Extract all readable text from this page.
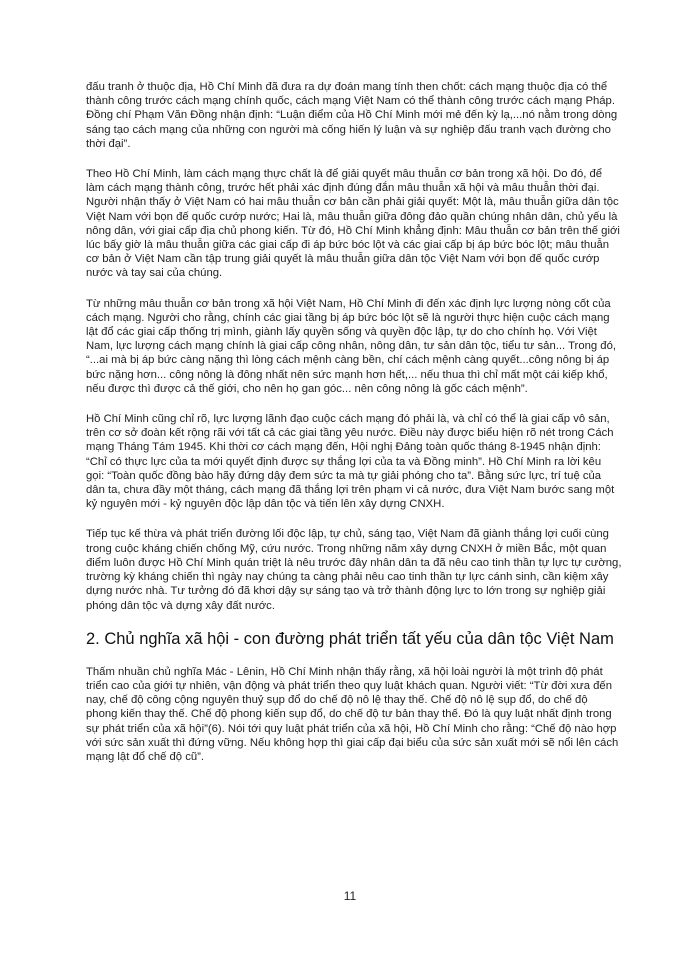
đấu tranh ở thuộc địa, Hồ Chí Minh đã đưa ra dự đoán mang tính then chốt: cách mạng thuộc địa có thể thành công trước cách mạng chính quốc, cách mạng Việt Nam có thể thành công trước cách mạng Pháp. Đồng chí Phạm Văn Đồng nhận định: “Luận điểm của Hồ Chí Minh mới mẻ đến kỳ lạ,...nó nằm trong dòng sáng tạo cách mạng của những con người mà cống hiến lý luận và sự nghiệp đấu tranh vạch đường cho thời đại”.

Theo Hồ Chí Minh, làm cách mạng thực chất là để giải quyết mâu thuẫn cơ bản trong xã hội. Do đó, để làm cách mạng thành công, trước hết phải xác định đúng đắn mâu thuẫn xã hội và mâu thuẫn thời đại. Người nhận thấy ở Việt Nam có hai mâu thuẫn cơ bản cần phải giải quyết: Một là, mâu thuẫn giữa dân tộc Việt Nam với bọn đế quốc cướp nước; Hai là, mâu thuẫn giữa đông đảo quần chúng nhân dân, chủ yếu là nông dân, với giai cấp địa chủ phong kiến. Từ đó, Hồ Chí Minh khẳng định: Mâu thuẫn cơ bản trên thế giới lúc bấy giờ là mâu thuẫn giữa các giai cấp đi áp bức bóc lột và các giai cấp bị áp bức bóc lột; mâu thuẫn cơ bản ở Việt Nam cần tập trung giải quyết là mâu thuẫn giữa dân tộc Việt Nam với bọn đế quốc cướp nước và tay sai của chúng.

Từ những mâu thuẫn cơ bản trong xã hội Việt Nam, Hồ Chí Minh đi đến xác định lực lượng nòng cốt của cách mạng. Người cho rằng, chính các giai tầng bị áp bức bóc lột sẽ là người thực hiện cuộc cách mạng lật đổ các giai cấp thống trị mình, giành lấy quyền sống và quyền độc lập, tự do cho chính họ. Với Việt Nam, lực lượng cách mạng chính là giai cấp công nhân, nông dân, tư sản dân tộc, tiểu tư sản... Trong đó, “...ai mà bị áp bức càng nặng thì lòng cách mệnh càng bền, chí cách mệnh càng quyết...công nông bị áp bức nặng hơn... công nông là đông nhất nên sức mạnh hơn hết,... nếu thua thì chỉ mất một cái kiếp khổ, nếu được thì được cả thế giới, cho nên họ gan góc... nên công nông là gốc cách mệnh”.

Hồ Chí Minh cũng chỉ rõ, lực lượng lãnh đạo cuộc cách mạng đó phải là, và chỉ có thể là giai cấp vô sản, trên cơ sở đoàn kết rộng rãi với tất cả các giai tầng yêu nước. Điều này được biểu hiện rõ nét trong Cách mạng Tháng Tám 1945. Khi thời cơ cách mạng đến, Hội nghị Đảng toàn quốc tháng 8-1945 nhận định: “Chỉ có thực lực của ta mới quyết định được sự thắng lợi của ta và Đồng minh”. Hồ Chí Minh ra lời kêu gọi: “Toàn quốc đồng bào hãy đứng dậy đem sức ta mà tự giải phóng cho ta”. Bằng sức lực, trí tuệ của dân ta, chưa đầy một tháng, cách mạng đã thắng lợi trên phạm vi cả nước, đưa Việt Nam bước sang một kỷ nguyên mới - kỷ nguyên độc lập dân tộc và tiến lên xây dựng CNXH.

Tiếp tục kế thừa và phát triển đường lối độc lập, tự chủ, sáng tạo, Việt Nam đã giành thắng lợi cuối cùng trong cuộc kháng chiến chống Mỹ, cứu nước. Trong những năm xây dựng CNXH ở miền Bắc, một quan điểm luôn được Hồ Chí Minh quán triệt là nêu trước đây nhân dân ta đã nêu cao tinh thần tự lực tự cường, trường kỳ kháng chiến thì ngày nay chúng ta càng phải nêu cao tinh thần tự lực cánh sinh, cần kiệm xây dựng nước nhà. Tư tưởng đó đã khơi dậy sự sáng tạo và trở thành động lực to lớn trong sự nghiệp giải phóng dân tộc và dựng xây đất nước.

2. Chủ nghĩa xã hội - con đường phát triển tất yếu của dân tộc Việt Nam

Thấm nhuần chủ nghĩa Mác - Lênin, Hồ Chí Minh nhận thấy rằng, xã hội loài người là một trình độ phát triển cao của giới tự nhiên, vận động và phát triển theo quy luật khách quan. Người viết: “Từ đời xưa đến nay, chế độ công cộng nguyên thuỷ sụp đổ do chế độ nô lệ thay thế. Chế độ nô lệ sụp đổ, do chế độ phong kiến thay thế. Chế độ phong kiến sụp đổ, do chế độ tư bản thay thế. Đó là quy luật nhất định trong sự phát triển của xã hội”(6). Nói tới quy luật phát triển của xã hội, Hồ Chí Minh cho rằng: “Chế độ nào hợp với sức sản xuất thì đứng vững. Nếu không hợp thì giai cấp đại biểu của sức sản xuất mới sẽ nổi lên cách mạng lật đổ chế độ cũ”.

11
